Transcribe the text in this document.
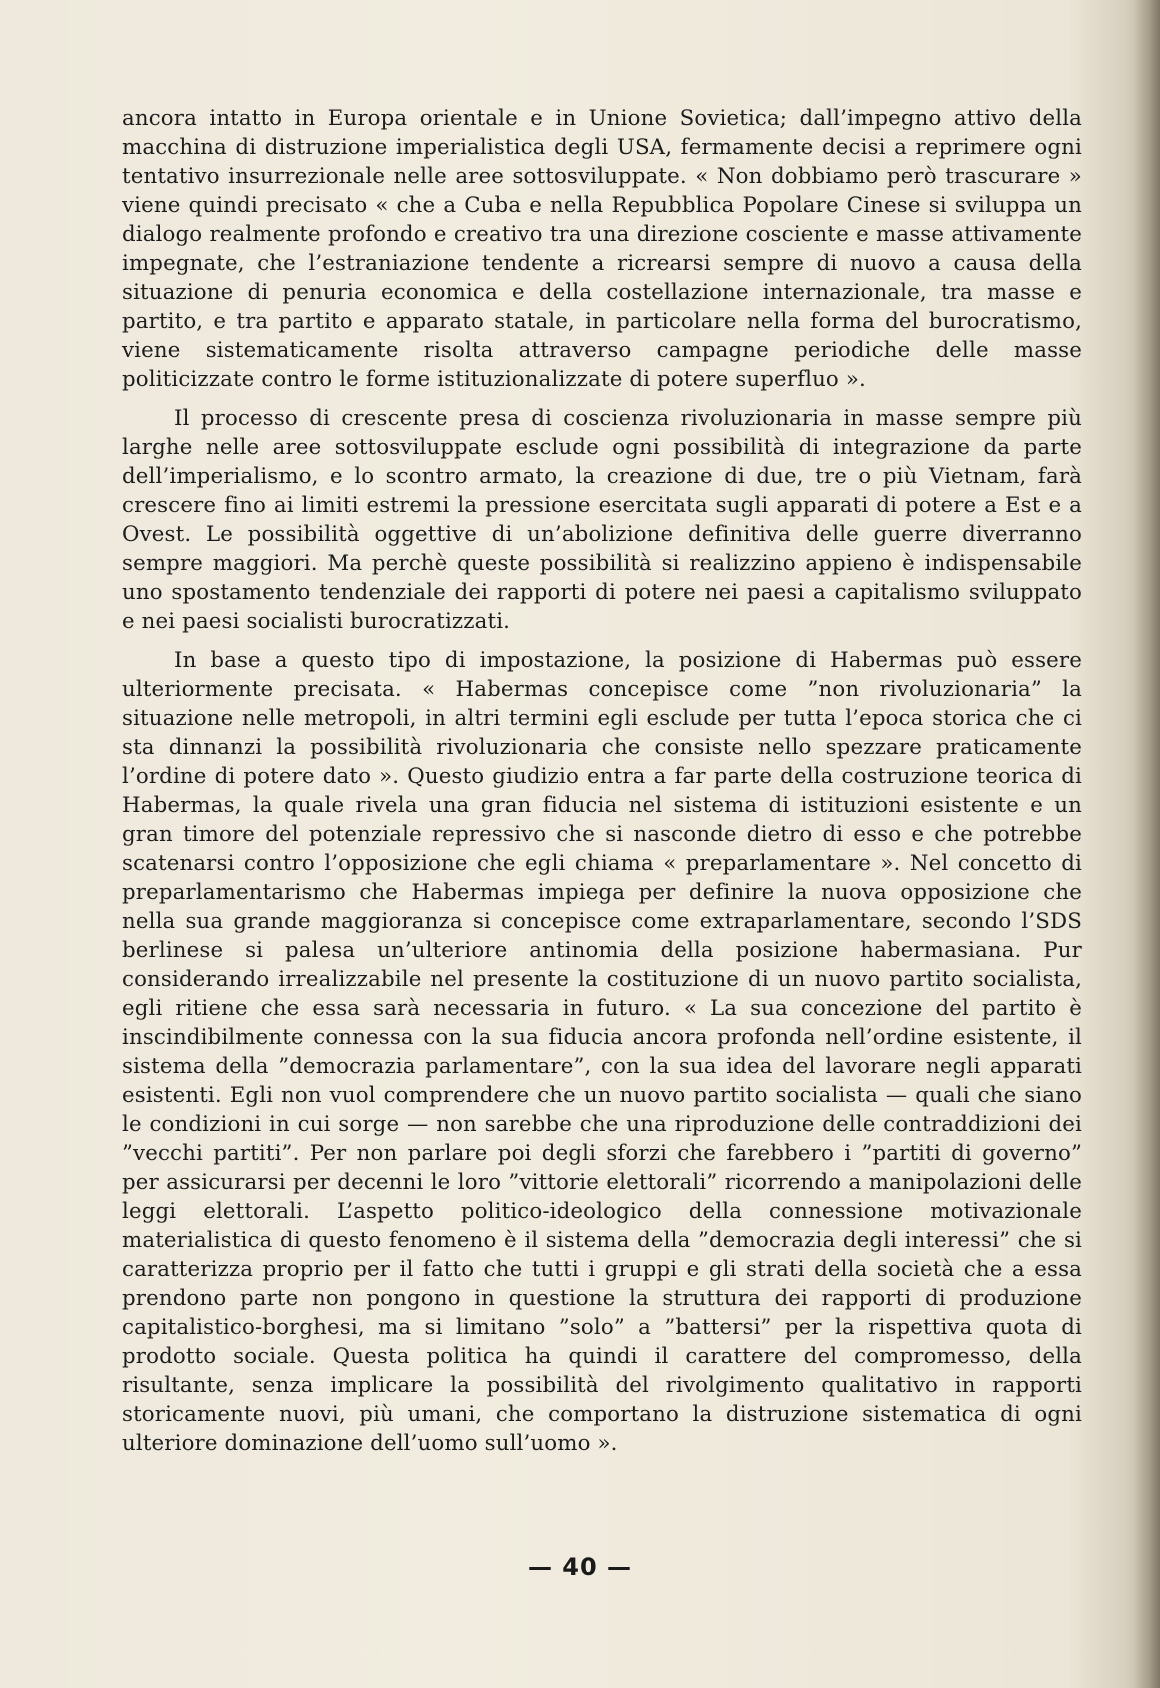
ancora intatto in Europa orientale e in Unione Sovietica; dall’impegno attivo della macchina di distruzione imperialistica degli USA, fermamente decisi a reprimere ogni tentativo insurrezionale nelle aree sottosviluppate. « Non dobbiamo però trascurare » viene quindi precisato « che a Cuba e nella Repubblica Popolare Cinese si sviluppa un dialogo realmente profondo e creativo tra una direzione cosciente e masse attivamente impegnate, che l’estraniazione tendente a ricrearsi sempre di nuovo a causa della situazione di penuria economica e della costellazione internazionale, tra masse e partito, e tra partito e apparato statale, in particolare nella forma del burocratismo, viene sistematicamente risolta attraverso campagne periodiche delle masse politicizzate contro le forme istituzionalizzate di potere superfluo ».

Il processo di crescente presa di coscienza rivoluzionaria in masse sempre più larghe nelle aree sottosviluppate esclude ogni possibilità di integrazione da parte dell’imperialismo, e lo scontro armato, la creazione di due, tre o più Vietnam, farà crescere fino ai limiti estremi la pressione esercitata sugli apparati di potere a Est e a Ovest. Le possibilità oggettive di un’abolizione definitiva delle guerre diverranno sempre maggiori. Ma perchè queste possibilità si realizzino appieno è indispensabile uno spostamento tendenziale dei rapporti di potere nei paesi a capitalismo sviluppato e nei paesi socialisti burocratizzati.

In base a questo tipo di impostazione, la posizione di Habermas può essere ulteriormente precisata. « Habermas concepisce come ”non rivoluzionaria” la situazione nelle metropoli, in altri termini egli esclude per tutta l’epoca storica che ci sta dinnanzi la possibilità rivoluzionaria che consiste nello spezzare praticamente l’ordine di potere dato ». Questo giudizio entra a far parte della costruzione teorica di Habermas, la quale rivela una gran fiducia nel sistema di istituzioni esistente e un gran timore del potenziale repressivo che si nasconde dietro di esso e che potrebbe scatenarsi contro l’opposizione che egli chiama « preparlamentare ». Nel concetto di preparlamentarismo che Habermas impiega per definire la nuova opposizione che nella sua grande maggioranza si concepisce come extraparlamentare, secondo l’SDS berlinese si palesa un’ulteriore antinomia della posizione habermasiana. Pur considerando irrealizzabile nel presente la costituzione di un nuovo partito socialista, egli ritiene che essa sarà necessaria in futuro. « La sua concezione del partito è inscindibilmente connessa con la sua fiducia ancora profonda nell’ordine esistente, il sistema della ”democrazia parlamentare”, con la sua idea del lavorare negli apparati esistenti. Egli non vuol comprendere che un nuovo partito socialista — quali che siano le condizioni in cui sorge — non sarebbe che una riproduzione delle contraddizioni dei ”vecchi partiti”. Per non parlare poi degli sforzi che farebbero i ”partiti di governo” per assicurarsi per decenni le loro ”vittorie elettorali” ricorrendo a manipolazioni delle leggi elettorali. L’aspetto politico-ideologico della connessione motivazionale materialistica di questo fenomeno è il sistema della ”democrazia degli interessi” che si caratterizza proprio per il fatto che tutti i gruppi e gli strati della società che a essa prendono parte non pongono in questione la struttura dei rapporti di produzione capitalistico-borghesi, ma si limitano ”solo” a ”battersi” per la rispettiva quota di prodotto sociale. Questa politica ha quindi il carattere del compromesso, della risultante, senza implicare la possibilità del rivolgimento qualitativo in rapporti storicamente nuovi, più umani, che comportano la distruzione sistematica di ogni ulteriore dominazione dell’uomo sull’uomo ».

— 40 —
